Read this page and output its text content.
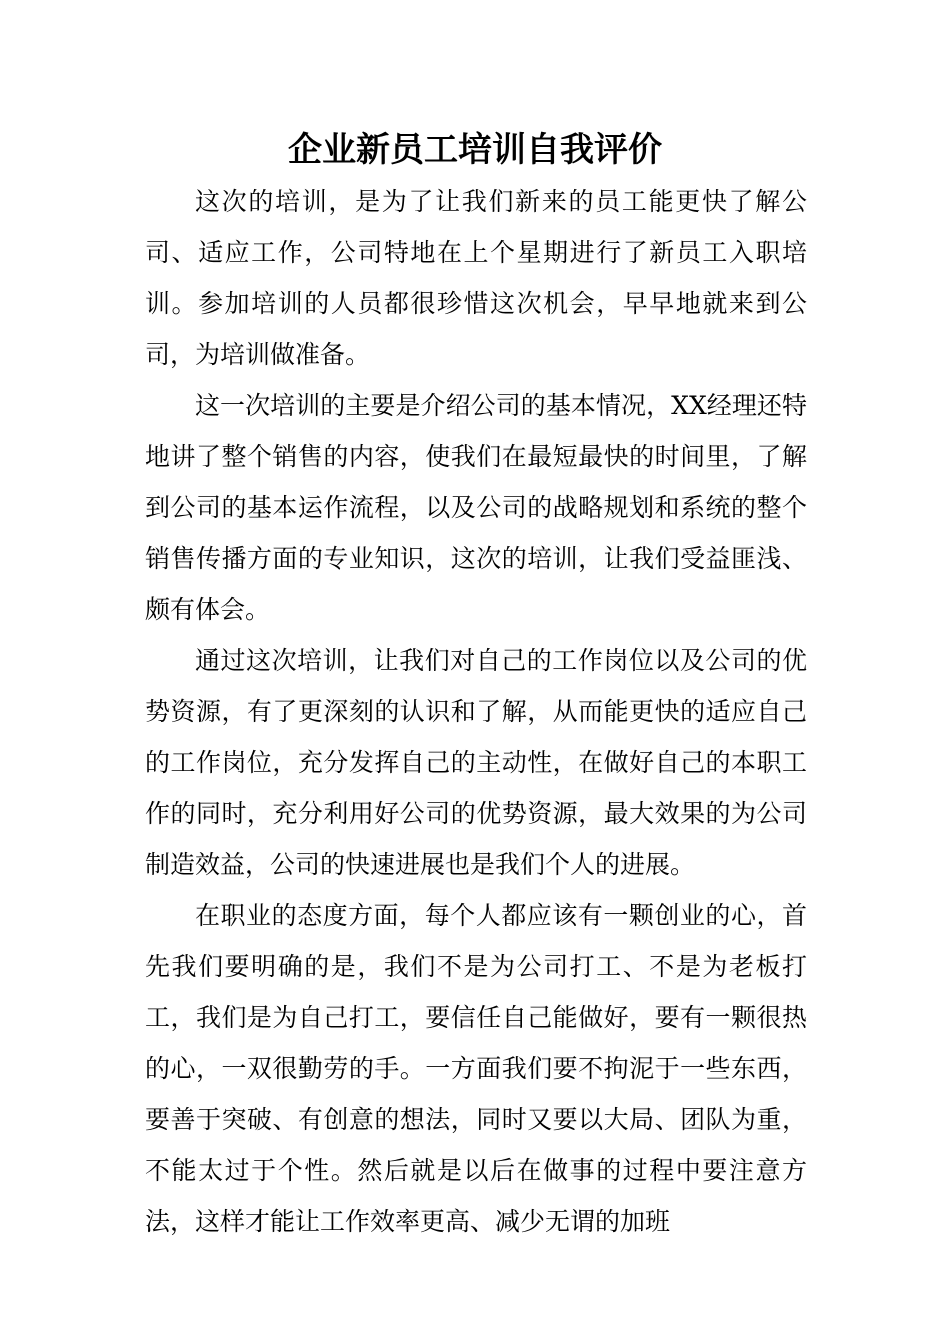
企业新员工培训自我评价

这次的培训，是为了让我们新来的员工能更快了解公司、适应工作，公司特地在上个星期进行了新员工入职培训。参加培训的人员都很珍惜这次机会，早早地就来到公司，为培训做准备。

这一次培训的主要是介绍公司的基本情况，XX经理还特地讲了整个销售的内容，使我们在最短最快的时间里，了解到公司的基本运作流程，以及公司的战略规划和系统的整个销售传播方面的专业知识，这次的培训，让我们受益匪浅、颇有体会。

通过这次培训，让我们对自己的工作岗位以及公司的优势资源，有了更深刻的认识和了解，从而能更快的适应自己的工作岗位，充分发挥自己的主动性，在做好自己的本职工作的同时，充分利用好公司的优势资源，最大效果的为公司制造效益，公司的快速进展也是我们个人的进展。

在职业的态度方面，每个人都应该有一颗创业的心，首先我们要明确的是，我们不是为公司打工、不是为老板打工，我们是为自己打工，要信任自己能做好，要有一颗很热的心，一双很勤劳的手。一方面我们要不拘泥于一些东西，要善于突破、有创意的想法，同时又要以大局、团队为重，不能太过于个性。然后就是以后在做事的过程中要注意方法，这样才能让工作效率更高、减少无谓的加班
